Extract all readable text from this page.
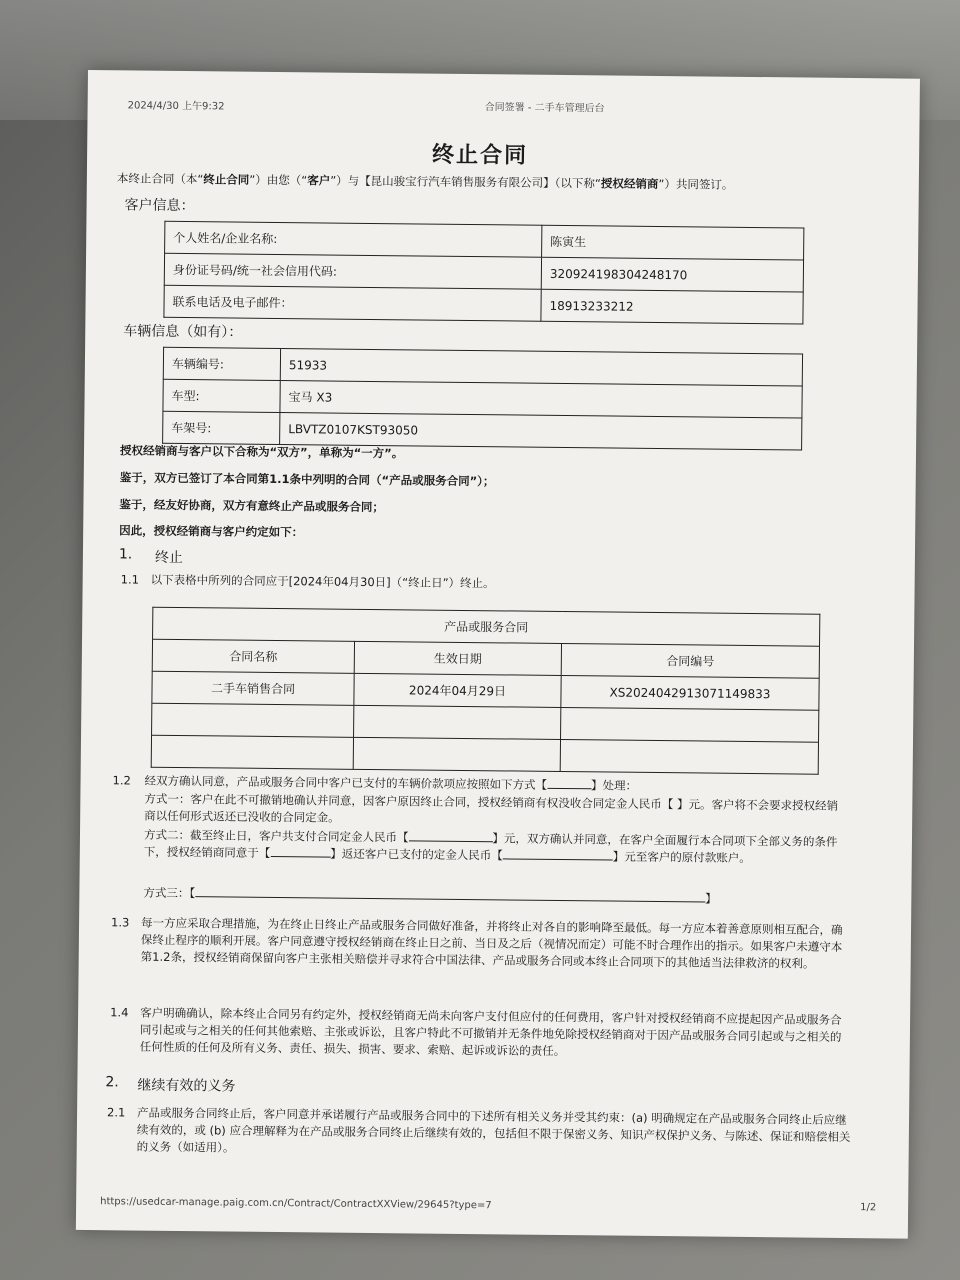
2024/4/30 上午9:32	合同签署 - 二手车管理后台
终止合同
本终止合同（本“终止合同”）由您（“客户”）与【昆山骏宝行汽车销售服务有限公司】（以下称“授权经销商”）共同签订。
客户信息：
个人姓名/企业名称:	陈寅生
身份证号码/统一社会信用代码:	320924198304248170
联系电话及电子邮件：	18913233212
车辆信息（如有）：
车辆编号:	51933
车型:	宝马 X3
车架号:	LBVTZ0107KST93050
授权经销商与客户以下合称为“双方”，单称为“一方”。
鉴于，双方已签订了本合同第1.1条中列明的合同（“产品或服务合同”）；
鉴于，经友好协商，双方有意终止产品或服务合同；
因此，授权经销商与客户约定如下：
1. 终止
1.1 以下表格中所列的合同应于[2024年04月30日]（“终止日”）终止。
产品或服务合同		
合同名称	生效日期	合同编号
二手车销售合同	2024年04月29日	XS2024042913071149833

1.2 经双方确认同意，产品或服务合同中客户已支付的车辆价款项应按照如下方式【	】处理：
方式一：客户在此不可撤销地确认并同意，因客户原因终止合同，授权经销商有权没收合同定金人民币【 】元。客户将不会要求授权经销商以任何形式返还已没收的合同定金。
方式二：截至终止日，客户共支付合同定金人民币【	】元，双方确认并同意，在客户全面履行本合同项下全部义务的条件下，授权经销商同意于【	】返还客户已支付的定金人民币【	】元至客户的原付款账户。
方式三：【	】
1.3 每一方应采取合理措施，为在终止日终止产品或服务合同做好准备，并将终止对各自的影响降至最低。每一方应本着善意原则相互配合，确保终止程序的顺利开展。客户同意遵守授权经销商在终止日之前、当日及之后（视情况而定）可能不时合理作出的指示。如果客户未遵守本第1.2条，授权经销商保留向客户主张相关赔偿并寻求符合中国法律、产品或服务合同或本终止合同项下的其他适当法律救济的权利。
1.4 客户明确确认，除本终止合同另有约定外，授权经销商无尚未向客户支付但应付的任何费用，客户针对授权经销商不应提起因产品或服务合同引起或与之相关的任何其他索赔、主张或诉讼，且客户特此不可撤销并无条件地免除授权经销商对于因产品或服务合同引起或与之相关的任何性质的任何及所有义务、责任、损失、损害、要求、索赔、起诉或诉讼的责任。
2. 继续有效的义务
2.1 产品或服务合同终止后，客户同意并承诺履行产品或服务合同中的下述所有相关义务并受其约束：(a) 明确规定在产品或服务合同终止后应继续有效的，或 (b) 应合理解释为在产品或服务合同终止后继续有效的，包括但不限于保密义务、知识产权保护义务、与陈述、保证和赔偿相关的义务（如适用）。
https://usedcar-manage.paig.com.cn/Contract/ContractXXView/29645?type=7	1/2
